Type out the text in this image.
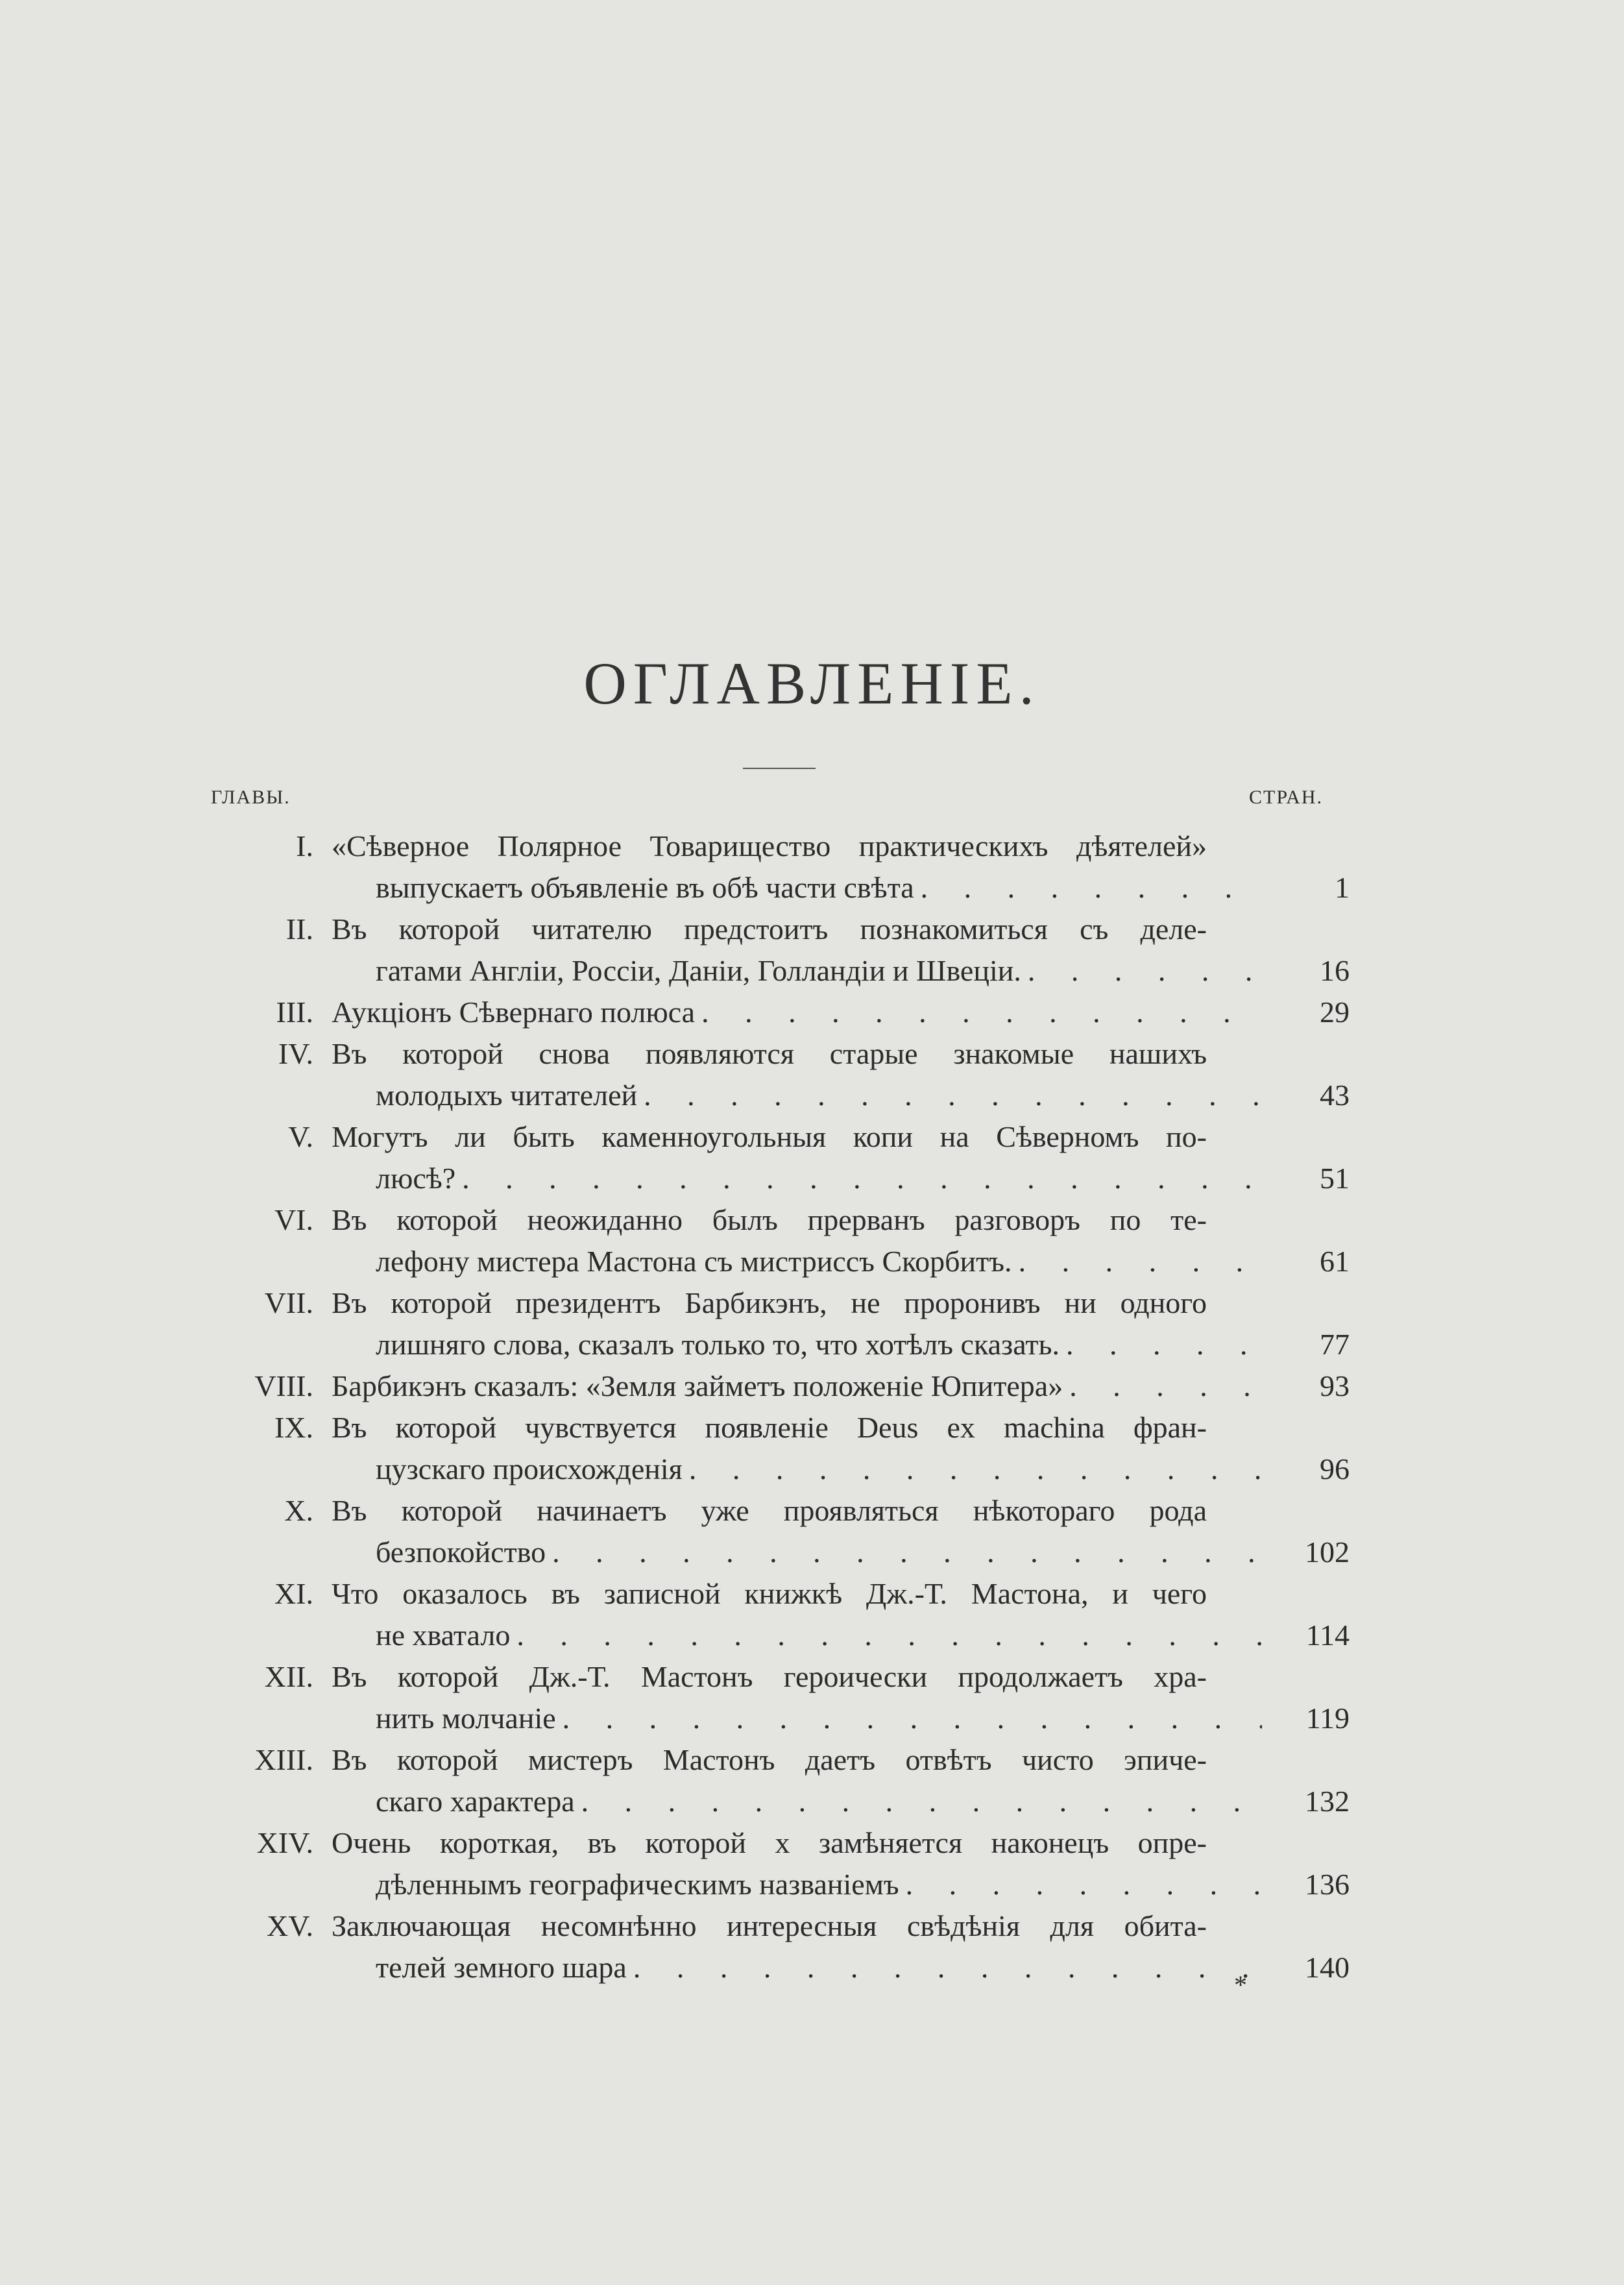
ОГЛАВЛЕНІЕ.
ГЛАВЫ.	СТРАН.
I. «Сѣверное Полярное Товарищество практическихъ дѣятелей»
выпускаетъ объявленіе въ обѣ части свѣта . . .	1
II. Въ которой читателю предстоитъ познакомиться съ деле-
гатами Англіи, Россіи, Даніи, Голландіи и Швеціи. . . .	16
III. Аукціонъ Сѣвернаго полюса . . .	29
IV. Въ которой снова появляются старые знакомые нашихъ
молодыхъ читателей . . .	43
V. Могутъ ли быть каменноугольныя копи на Сѣверномъ по-
люсѣ? . . .	51
VI. Въ которой неожиданно былъ прерванъ разговоръ по те-
лефону мистера Мастона съ мистриссъ Скорбитъ. . . .	61
VII. Въ которой президентъ Барбикэнъ, не проронивъ ни одного
лишняго слова, сказалъ только то, что хотѣлъ сказать. . . .	77
VIII. Барбикэнъ сказалъ: «Земля займетъ положеніе Юпитера» . . .	93
IX. Въ которой чувствуется появленіе Deus ex machina фран-
цузскаго происхожденія . . .	96
X. Въ которой начинаетъ уже проявляться нѣкотораго рода
безпокойство . . .	102
XI. Что оказалось въ записной книжкѣ Дж.-Т. Мастона, и чего
не хватало . . .	114
XII. Въ которой Дж.-Т. Мастонъ героически продолжаетъ хра-
нить молчаніе . . .	119
XIII. Въ которой мистеръ Мастонъ даетъ отвѣтъ чисто эпиче-
скаго характера . . .	132
XIV. Очень короткая, въ которой x замѣняется наконецъ опре-
дѣленнымъ географическимъ названіемъ . . .	136
XV. Заключающая несомнѣнно интересныя свѣдѣнія для обита-
телей земного шара . . .	140
*
